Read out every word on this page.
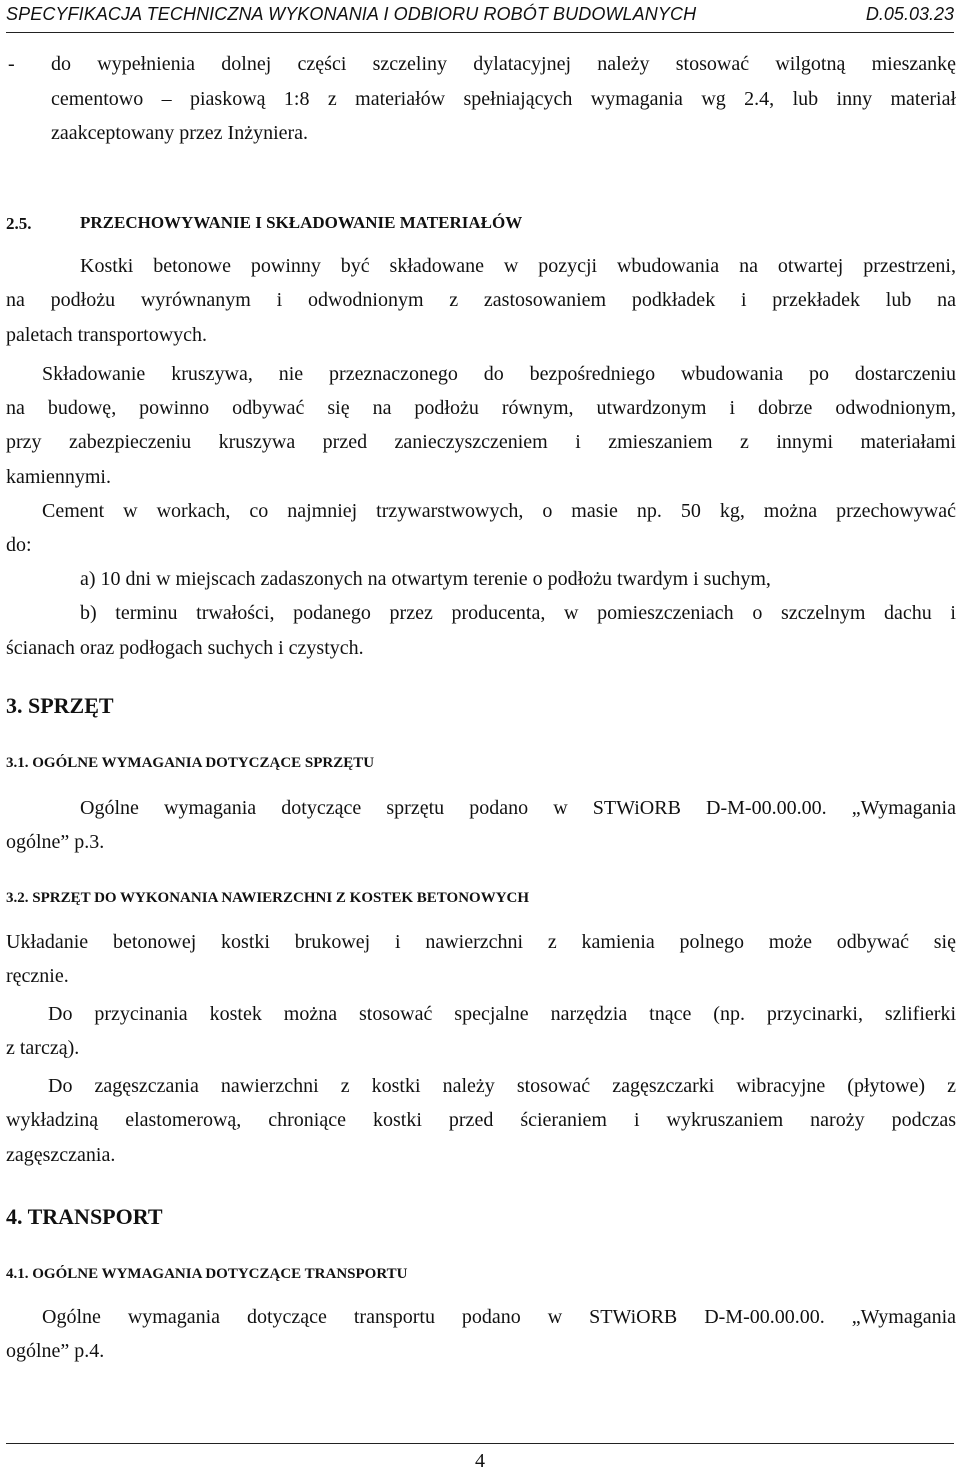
SPECYFIKACJA TECHNICZNA WYKONANIA I ODBIORU ROBÓT BUDOWLANYCH	D.05.03.23
- do wypełnienia dolnej części szczeliny dylatacyjnej należy stosować wilgotną mieszankę
cementowo – piaskową 1:8 z materiałów spełniających wymagania wg 2.4, lub inny materiał
zaakceptowany przez Inżyniera.
2.5.	PRZECHOWYWANIE I SKŁADOWANIE MATERIAŁÓW
Kostki betonowe powinny być składowane w pozycji wbudowania na otwartej przestrzeni,
na podłożu wyrównanym i odwodnionym z zastosowaniem podkładek i przekładek lub na
paletach transportowych.
Składowanie kruszywa, nie przeznaczonego do bezpośredniego wbudowania po dostarczeniu
na budowę, powinno odbywać się na podłożu równym, utwardzonym i dobrze odwodnionym,
przy zabezpieczeniu kruszywa przed zanieczyszczeniem i zmieszaniem z innymi materiałami
kamiennymi.
Cement w workach, co najmniej trzywarstwowych, o masie np. 50 kg, można przechowywać
do:
a) 10 dni w miejscach zadaszonych na otwartym terenie o podłożu twardym i suchym,
b) terminu trwałości, podanego przez producenta, w pomieszczeniach o szczelnym dachu i
ścianach oraz podłogach suchych i czystych.
3. SPRZĘT
3.1. OGÓLNE WYMAGANIA DOTYCZĄCE SPRZĘTU
Ogólne wymagania dotyczące sprzętu podano w STWiORB D-M-00.00.00. „Wymagania
ogólne” p.3.
3.2. SPRZĘT DO WYKONANIA NAWIERZCHNI Z KOSTEK BETONOWYCH
Układanie betonowej kostki brukowej i nawierzchni z kamienia polnego może odbywać się
ręcznie.
Do przycinania kostek można stosować specjalne narzędzia tnące (np. przycinarki, szlifierki
z tarczą).
Do zagęszczania nawierzchni z kostki należy stosować zagęszczarki wibracyjne (płytowe) z
wykładziną elastomerową, chroniące kostki przed ścieraniem i wykruszaniem naroży podczas
zagęszczania.
4. TRANSPORT
4.1. OGÓLNE WYMAGANIA DOTYCZĄCE TRANSPORTU
Ogólne wymagania dotyczące transportu podano w STWiORB D-M-00.00.00. „Wymagania
ogólne” p.4.
4
